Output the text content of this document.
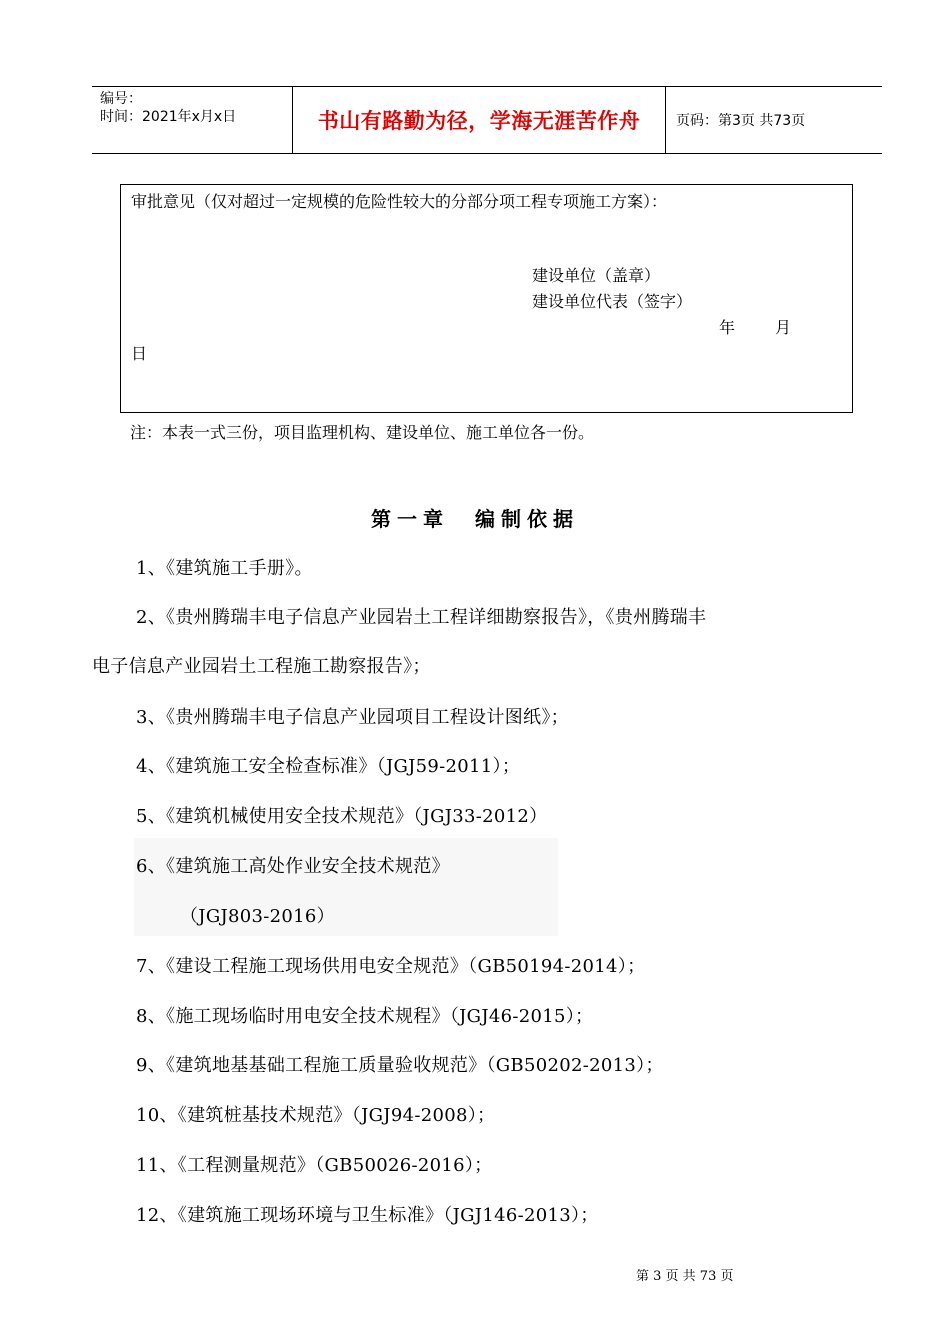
编号：
时间：2021年x月x日	书山有路勤为径，学海无涯苦作舟	页码：第3页 共73页
审批意见（仅对超过一定规模的危险性较大的分部分项工程专项施工方案）：
建设单位（盖章）
建设单位代表（签字）
年 月
日
注：本表一式三份，项目监理机构、建设单位、施工单位各一份。
第一章  编制依据
1、《建筑施工手册》。
2、《贵州腾瑞丰电子信息产业园岩土工程详细勘察报告》，《贵州腾瑞丰
电子信息产业园岩土工程施工勘察报告》；
3、《贵州腾瑞丰电子信息产业园项目工程设计图纸》；
4、《建筑施工安全检查标准》（JGJ59-2011）；
5、《建筑机械使用安全技术规范》（JGJ33-2012）
6、《建筑施工高处作业安全技术规范》
（JGJ803-2016）
7、《建设工程施工现场供用电安全规范》（GB50194-2014）；
8、《施工现场临时用电安全技术规程》（JGJ46-2015）；
9、《建筑地基基础工程施工质量验收规范》（GB50202-2013）；
10、《建筑桩基技术规范》（JGJ94-2008）；
11、《工程测量规范》（GB50026-2016）；
12、《建筑施工现场环境与卫生标准》（JGJ146-2013）；
第 3 页 共 73 页
